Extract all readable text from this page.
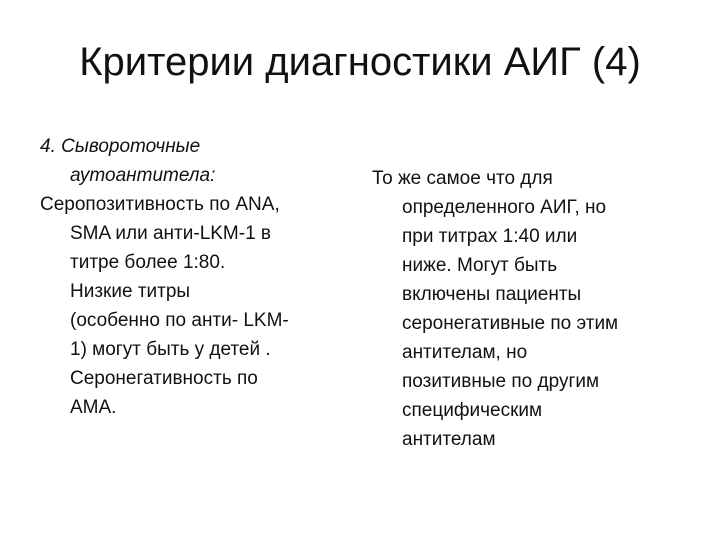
Критерии диагностики АИГ (4)

4. Сывороточные

аутоантитела:

Серопозитивность по ANA,

SMA или анти-LKM-1 в

титре более 1:80.

Низкие титры

(особенно по анти- LKM-

1) могут быть у детей .

Серонегативность по

AMA.

То же самое что для

определенного АИГ, но

при титрах 1:40 или

ниже. Могут быть

включены пациенты

серонегативные по этим

антителам, но

позитивные по другим

специфическим

антителам
